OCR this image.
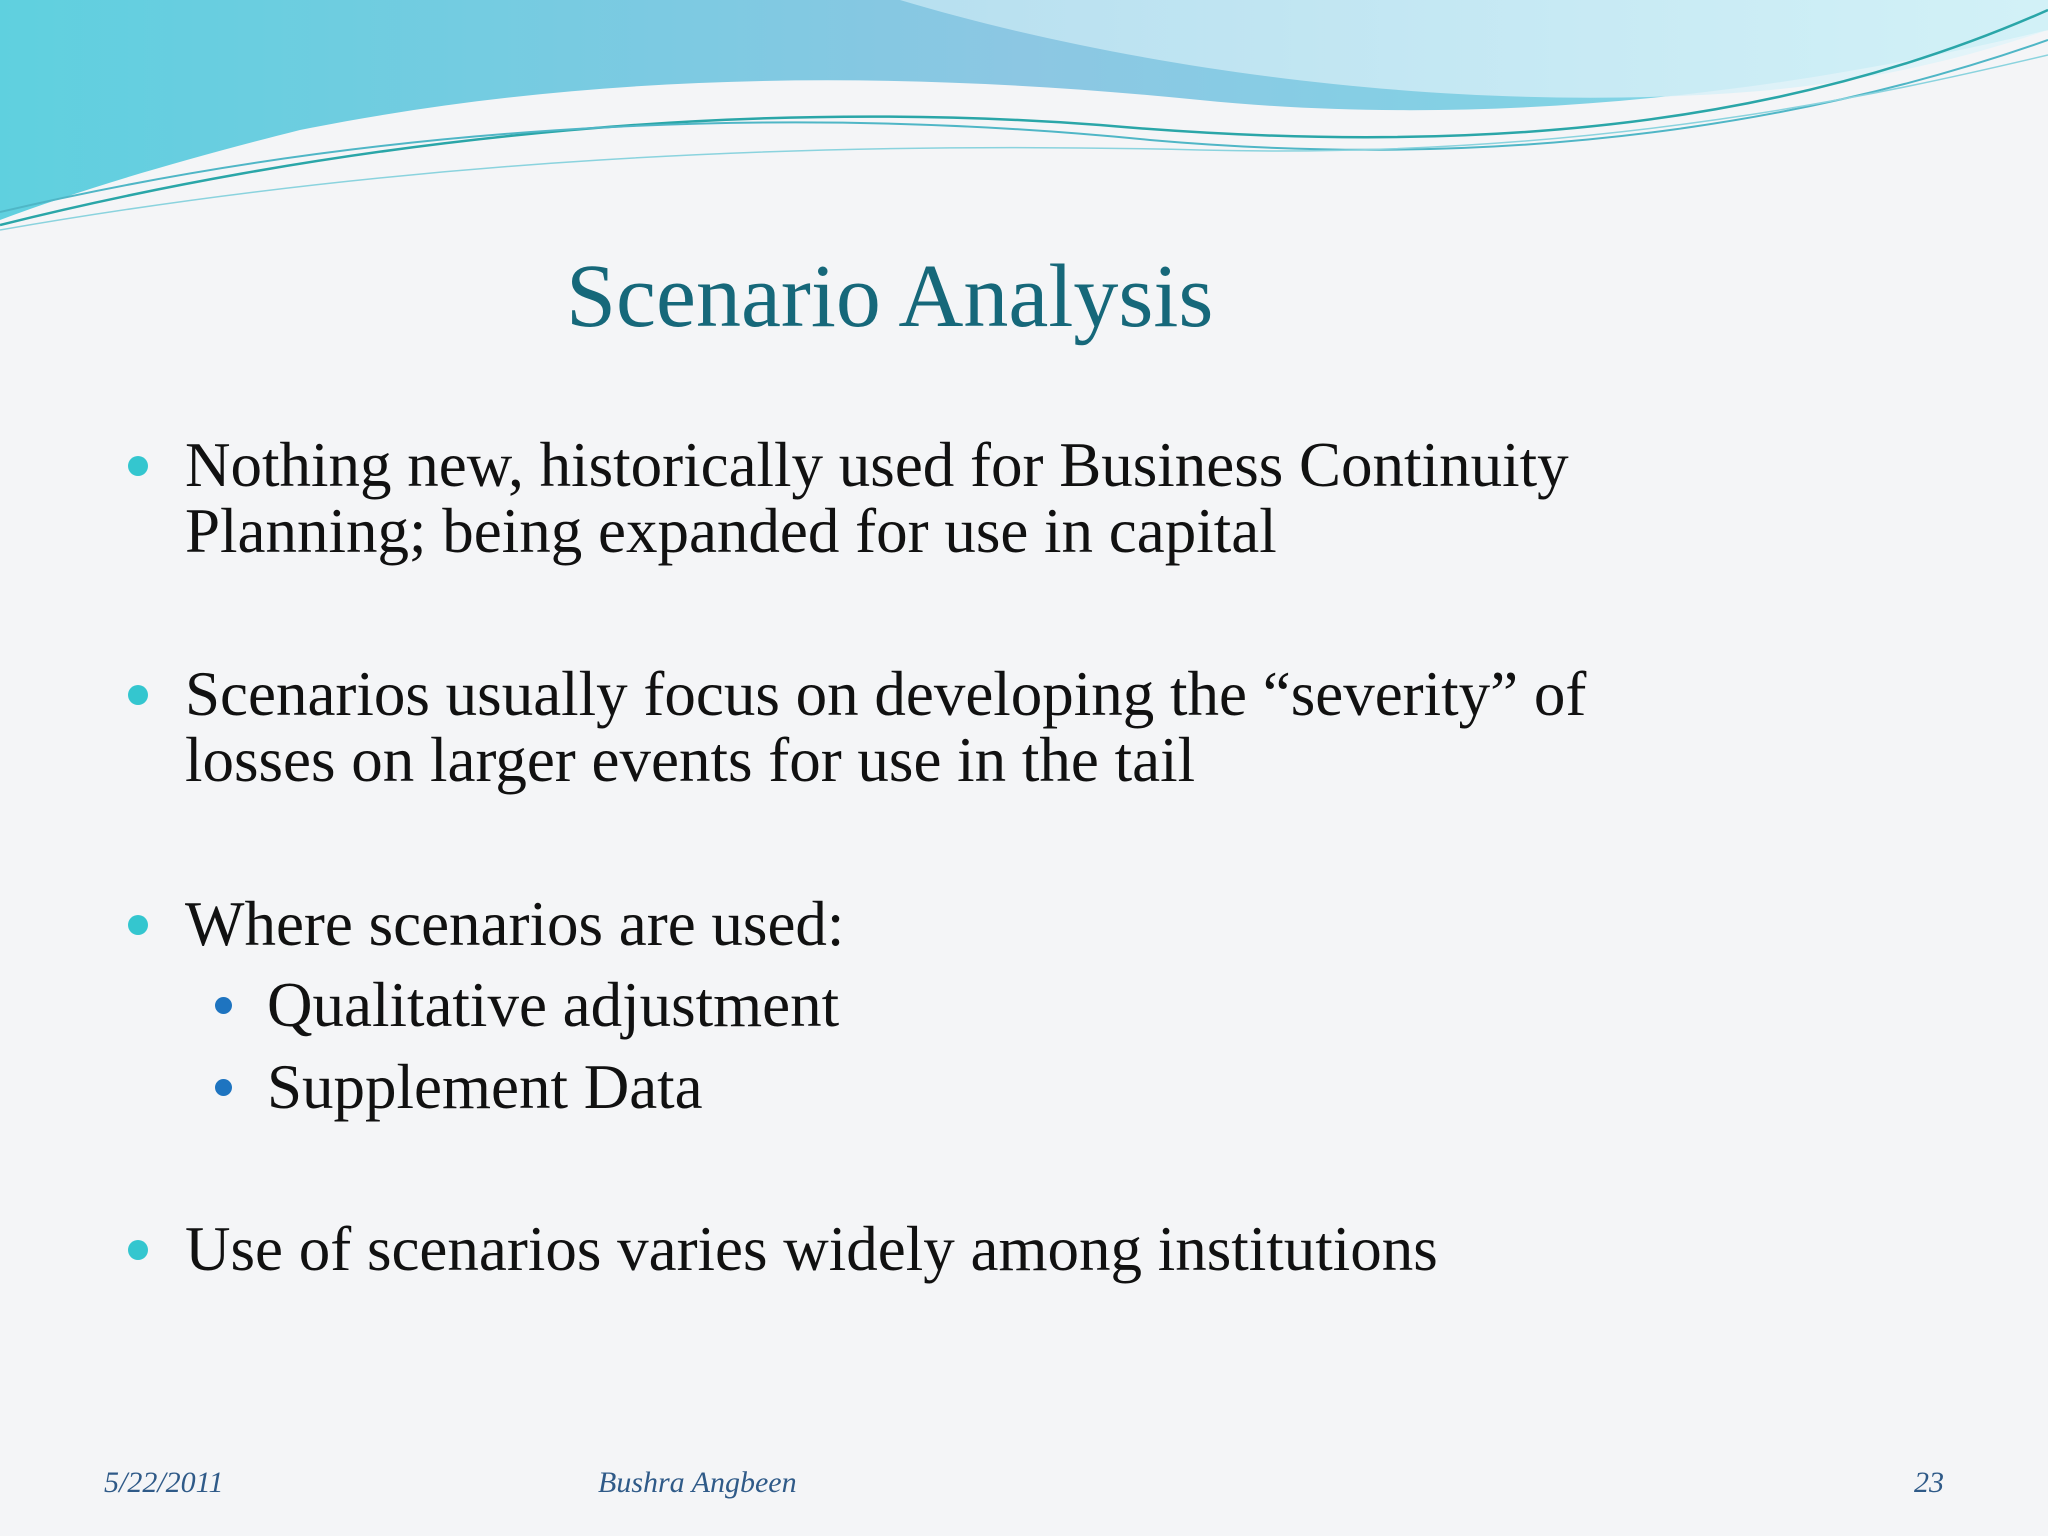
Scenario Analysis
Nothing new, historically used for Business Continuity
Planning; being expanded for use in capital
Scenarios usually focus on developing the “severity” of
losses on larger events for use in the tail
Where scenarios are used:
Qualitative adjustment
Supplement Data
Use of scenarios varies widely among institutions
5/22/2011	Bushra Angbeen	23
